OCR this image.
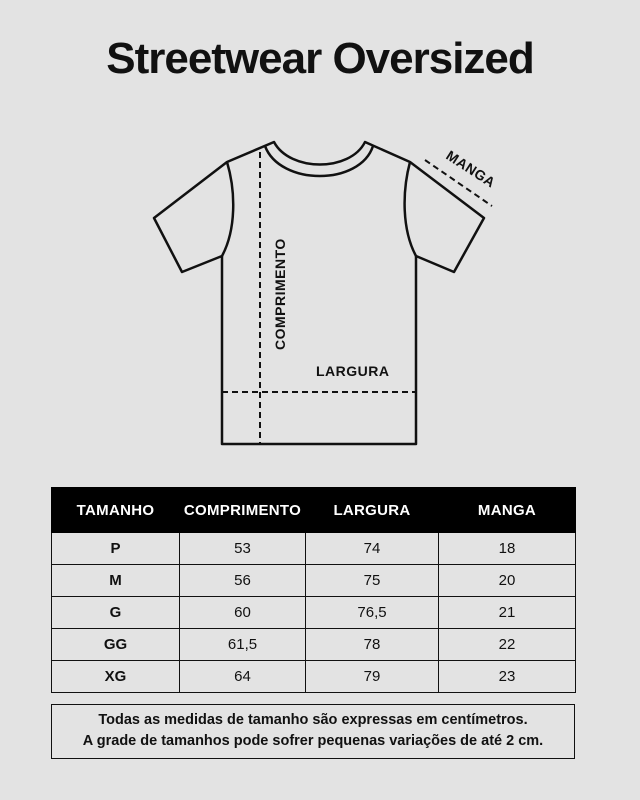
Streetwear Oversized
COMPRIMENTO
LARGURA
MANGA
TAMANHO	COMPRIMENTO	LARGURA	MANGA
P	53	74	18
M	56	75	20
G	60	76,5	21
GG	61,5	78	22
XG	64	79	23
Todas as medidas de tamanho são expressas em centímetros.
A grade de tamanhos pode sofrer pequenas variações de até 2 cm.
